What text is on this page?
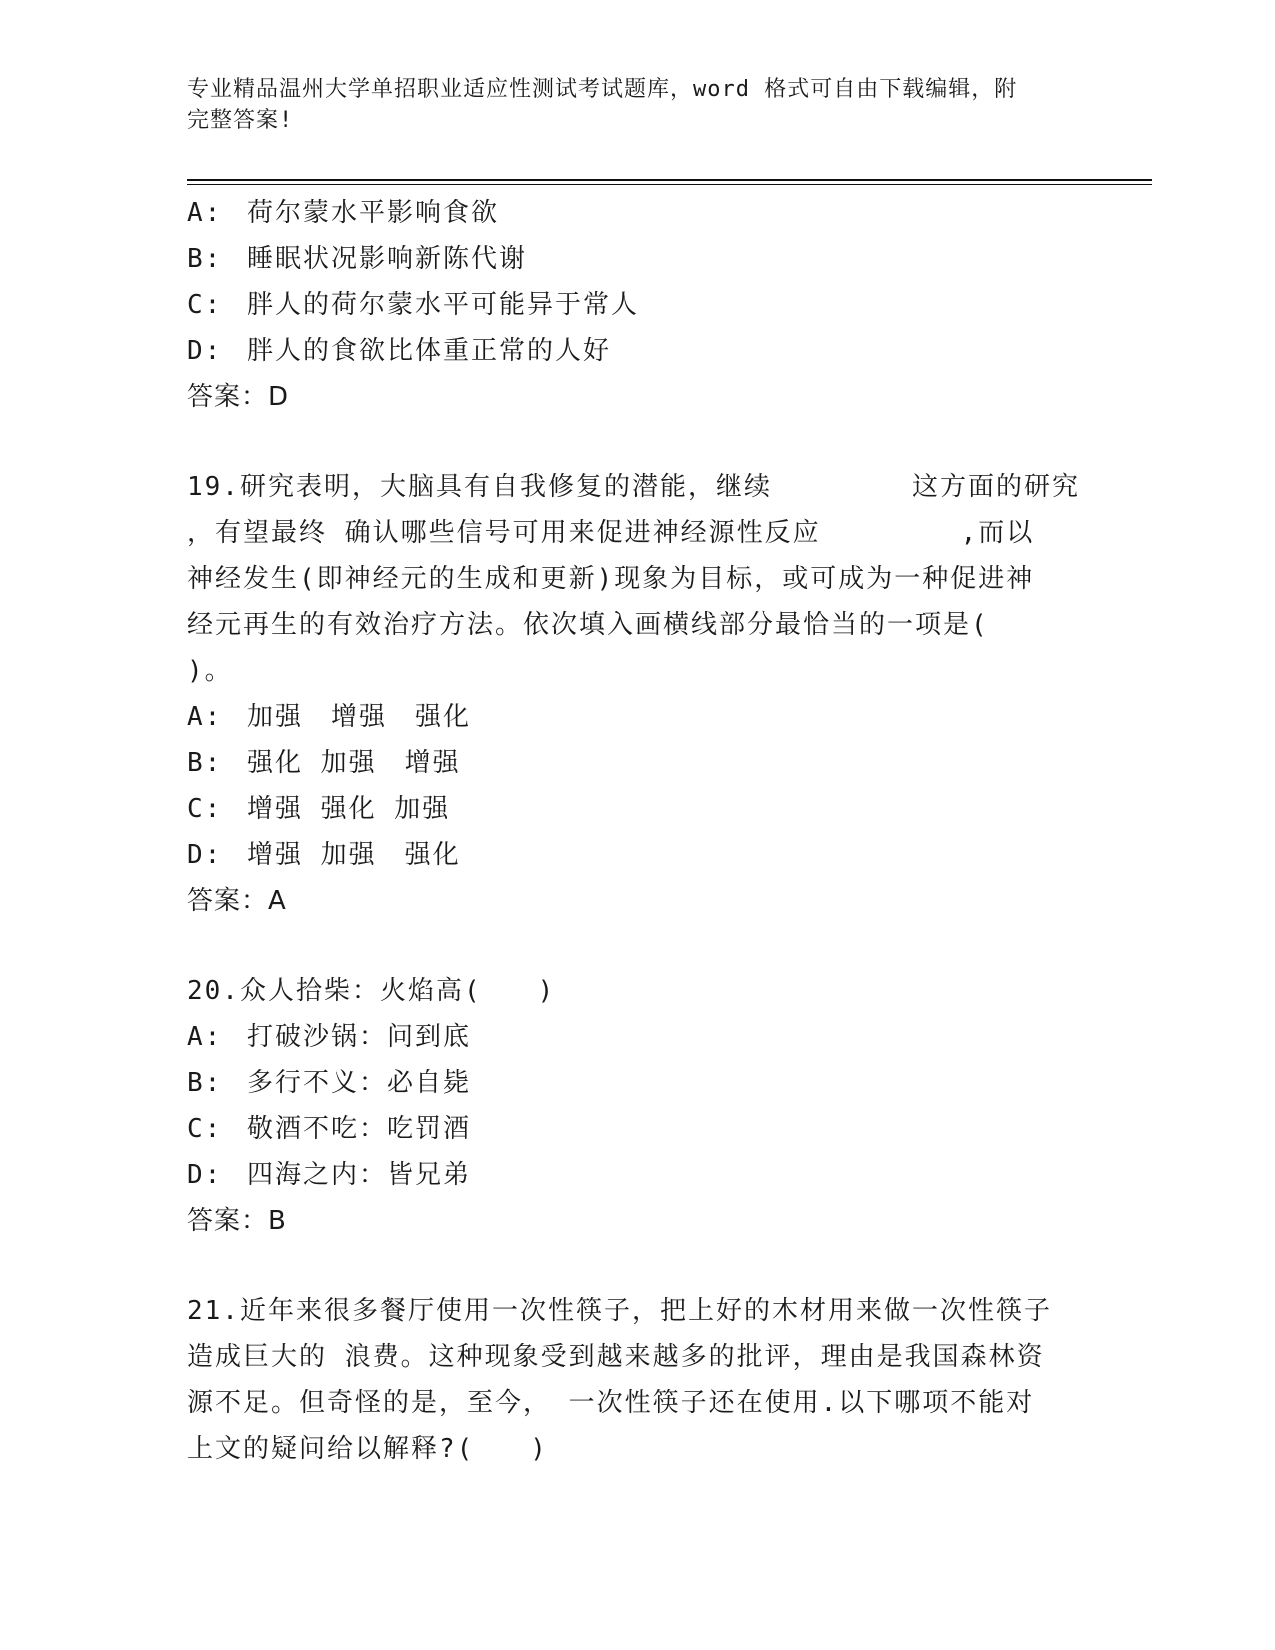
专业精品温州大学单招职业适应性测试考试题库，word 格式可自由下载编辑，附
完整答案!
A: 荷尔蒙水平影响食欲
B: 睡眠状况影响新陈代谢
C: 胖人的荷尔蒙水平可能异于常人
D: 胖人的食欲比体重正常的人好
答案：D
19.研究表明，大脑具有自我修复的潜能，继续　　　　　这方面的研究
，有望最终 确认哪些信号可用来促进神经源性反应　　　　　,而以
神经发生(即神经元的生成和更新)现象为目标，或可成为一种促进神
经元再生的有效治疗方法。依次填入画横线部分最恰当的一项是(
)。
A: 加强　增强　强化
B: 强化 加强　增强
C: 增强 强化 加强
D: 增强 加强　强化
答案：A
20.众人拾柴：火焰高(　　)
A: 打破沙锅：问到底
B: 多行不义：必自毙
C: 敬酒不吃：吃罚酒
D: 四海之内：皆兄弟
答案：B
21.近年来很多餐厅使用一次性筷子，把上好的木材用来做一次性筷子
造成巨大的 浪费。这种现象受到越来越多的批评，理由是我国森林资
源不足。但奇怪的是，至今， 一次性筷子还在使用.以下哪项不能对
上文的疑问给以解释?(　　)
